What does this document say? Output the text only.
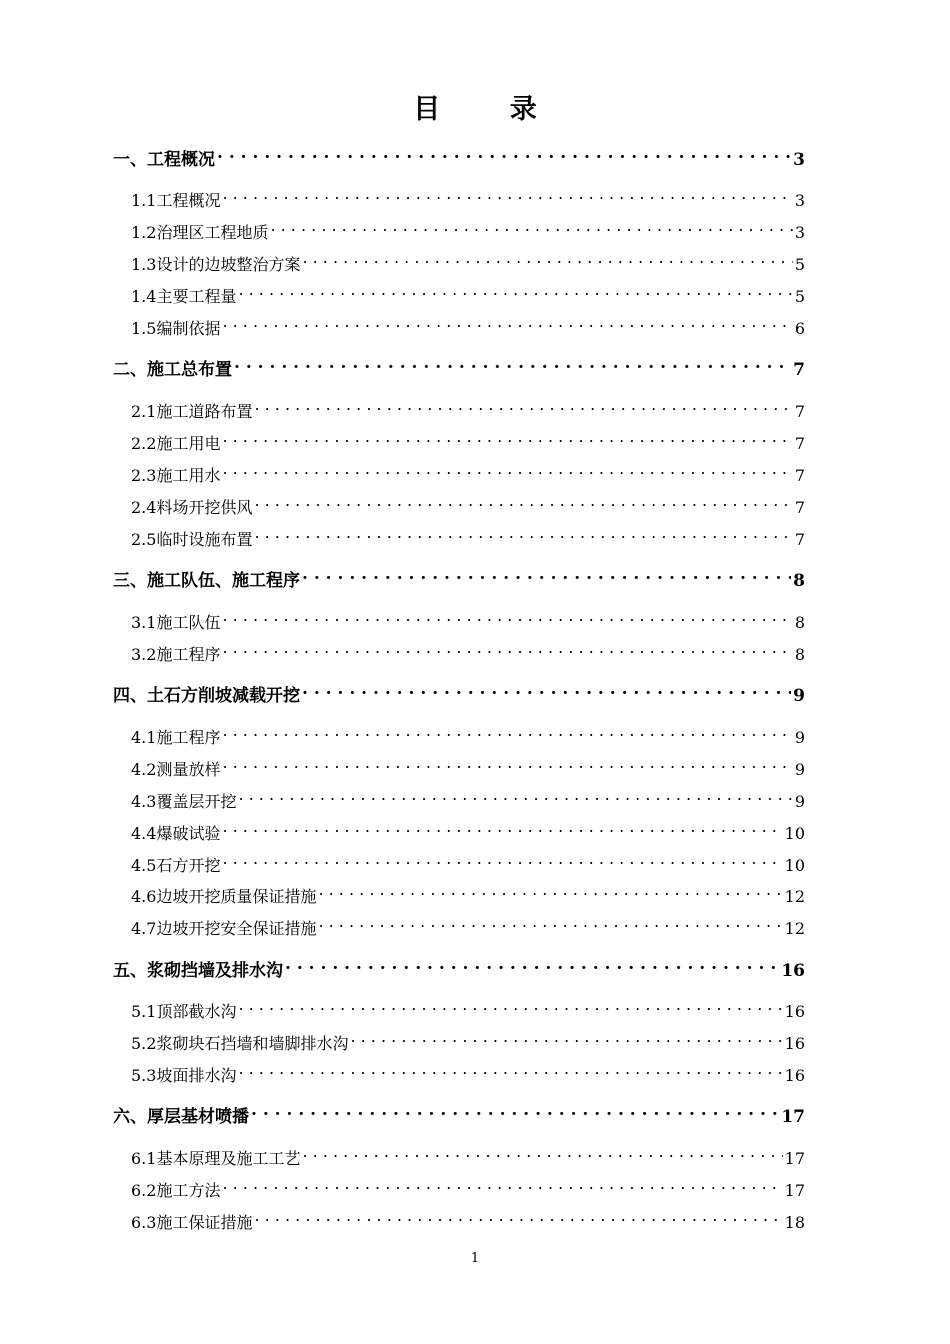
目 录
一、工程概况 . . .	3
1.1工程概况 . . .	3
1.2治理区工程地质 . . .	3
1.3设计的边坡整治方案 . . .	5
1.4主要工程量 . . .	5
1.5编制依据 . . .	6
二、施工总布置 . . .	7
2.1施工道路布置 . . .	7
2.2施工用电 . . .	7
2.3施工用水 . . .	7
2.4料场开挖供风 . . .	7
2.5临时设施布置 . . .	7
三、施工队伍、施工程序 . . .	8
3.1施工队伍 . . .	8
3.2施工程序 . . .	8
四、土石方削坡减载开挖 . . .	9
4.1施工程序 . . .	9
4.2测量放样 . . .	9
4.3覆盖层开挖 . . .	9
4.4爆破试验 . . .	10
4.5石方开挖 . . .	10
4.6边坡开挖质量保证措施 . . .	12
4.7边坡开挖安全保证措施 . . .	12
五、浆砌挡墙及排水沟 . . .	16
5.1顶部截水沟 . . .	16
5.2浆砌块石挡墙和墙脚排水沟 . . .	16
5.3坡面排水沟 . . .	16
六、厚层基材喷播 . . .	17
6.1基本原理及施工工艺 . . .	17
6.2施工方法 . . .	17
6.3施工保证措施 . . .	18
1
